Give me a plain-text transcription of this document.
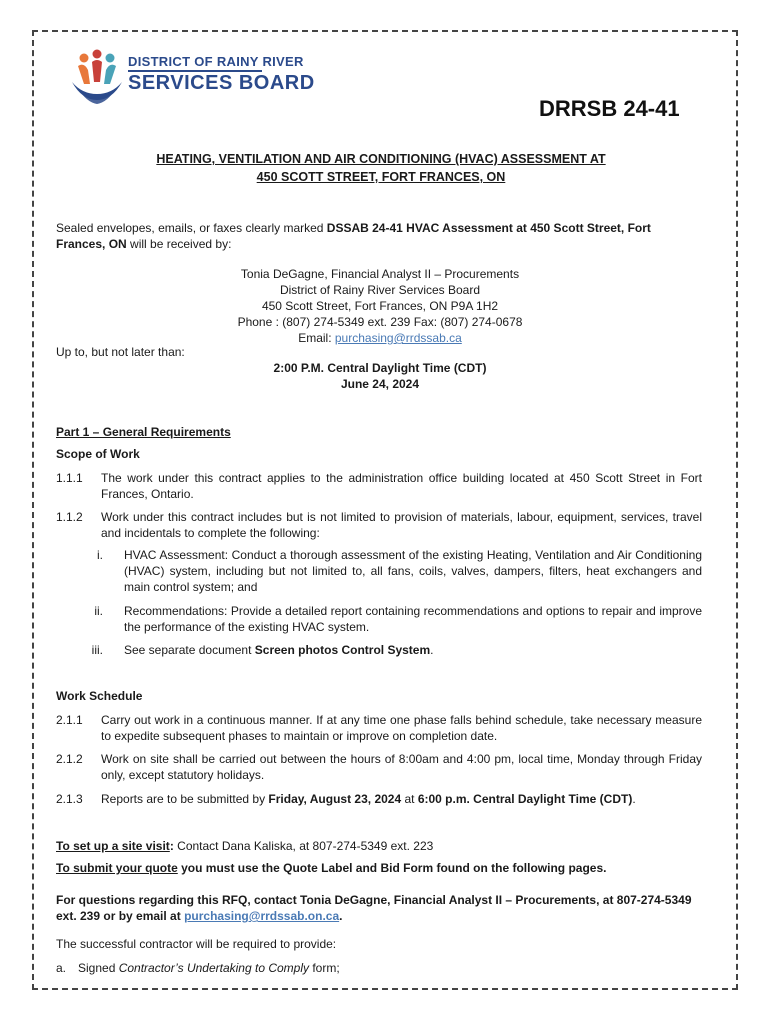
DISTRICT OF RAINY RIVER
SERVICES BOARD
DRRSB 24-41
HEATING, VENTILATION AND AIR CONDITIONING (HVAC) ASSESSMENT AT
450 SCOTT STREET, FORT FRANCES, ON
Sealed envelopes, emails, or faxes clearly marked DSSAB 24-41 HVAC Assessment at 450 Scott Street, Fort Frances, ON will be received by:
Tonia DeGagne, Financial Analyst II – Procurements
District of Rainy River Services Board
450 Scott Street, Fort Frances, ON P9A 1H2
Phone : (807) 274-5349 ext. 239 Fax: (807) 274-0678
Email: purchasing@rrdssab.ca
Up to, but not later than:
2:00 P.M. Central Daylight Time (CDT)
June 24, 2024
Part 1 – General Requirements
Scope of Work
1.1.1 The work under this contract applies to the administration office building located at 450 Scott Street in Fort Frances, Ontario.
1.1.2 Work under this contract includes but is not limited to provision of materials, labour, equipment, services, travel and incidentals to complete the following:
i. HVAC Assessment: Conduct a thorough assessment of the existing Heating, Ventilation and Air Conditioning (HVAC) system, including but not limited to, all fans, coils, valves, dampers, filters, heat exchangers and main control system; and
ii. Recommendations: Provide a detailed report containing recommendations and options to repair and improve the performance of the existing HVAC system.
iii. See separate document Screen photos Control System.
Work Schedule
2.1.1 Carry out work in a continuous manner. If at any time one phase falls behind schedule, take necessary measure to expedite subsequent phases to maintain or improve on completion date.
2.1.2 Work on site shall be carried out between the hours of 8:00am and 4:00 pm, local time, Monday through Friday only, except statutory holidays.
2.1.3 Reports are to be submitted by Friday, August 23, 2024 at 6:00 p.m. Central Daylight Time (CDT).
To set up a site visit: Contact Dana Kaliska, at 807-274-5349 ext. 223
To submit your quote you must use the Quote Label and Bid Form found on the following pages.
For questions regarding this RFQ, contact Tonia DeGagne, Financial Analyst II – Procurements, at 807-274-5349 ext. 239 or by email at purchasing@rrdssab.on.ca.
The successful contractor will be required to provide:
a. Signed Contractor’s Undertaking to Comply form;
